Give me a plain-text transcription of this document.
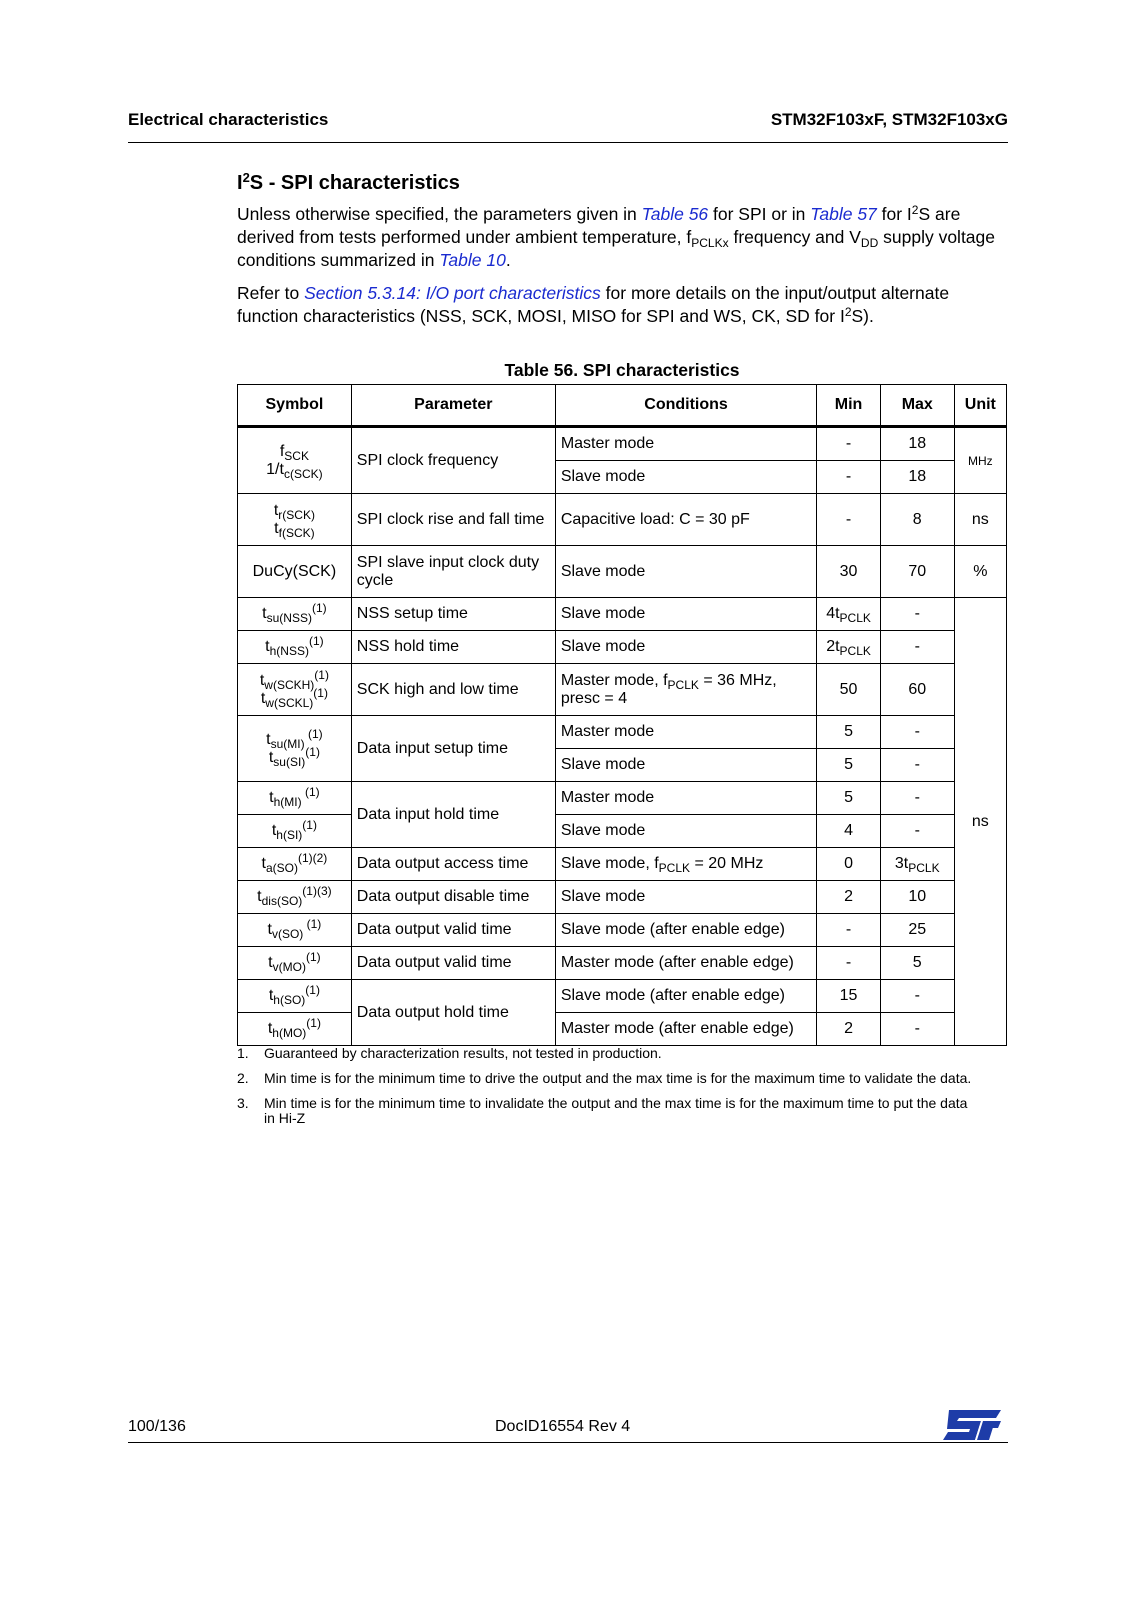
Electrical characteristics	STM32F103xF, STM32F103xG
$I^2S$ - SPI characteristics

Unless otherwise specified, the parameters given in Table 56 for SPI or in Table 57 for $I^2S$ are derived from tests performed under ambient temperature, $f_{PCLKx}$ frequency and $V_{DD}$ supply voltage conditions summarized in Table 10.

Refer to Section 5.3.14: I/O port characteristics for more details on the input/output alternate function characteristics (NSS, SCK, MOSI, MISO for SPI and WS, CK, SD for $I^2S$).

Table 56. SPI characteristics
Symbol	Parameter	Conditions	Min	Max	Unit
$f_{SCK}$
$1/t_{c(SCK)}$	SPI clock frequency	Master mode	-	18	MHz
		Slave mode	-	18	
$t_{r(SCK)}$
$t_{f(SCK)}$	SPI clock rise and fall time	Capacitive load: C = 30 pF	-	8	ns
DuCy(SCK)	SPI slave input clock duty cycle	Slave mode	30	70	%
$t_{su(NSS)}^{(1)}$	NSS setup time	Slave mode	$4t_{PCLK}$	-	ns
$t_{h(NSS)}^{(1)}$	NSS hold time	Slave mode	$2t_{PCLK}$	-	
$t_{w(SCKH)}^{(1)}$
$t_{w(SCKL)}^{(1)}$	SCK high and low time	Master mode, $f_{PCLK} = 36$ MHz,
presc = 4	50	60	
$t_{su(MI)}$ $^{(1)}$
$t_{su(SI)}^{(1)}$	Data input setup time	Master mode	5	-	
		Slave mode	5	-	
$t_{h(MI)}$ $^{(1)}$	Data input hold time	Master mode	5	-	
$t_{h(SI)}^{(1)}$		Slave mode	4	-	
$t_{a(SO)}^{(1)(2)}$	Data output access time	Slave mode, $f_{PCLK} = 20$ MHz	0	$3t_{PCLK}$
$t_{dis(SO)}^{(1)(3)}$	Data output disable time	Slave mode	2	10	
$t_{v(SO)}$ $^{(1)}$	Data output valid time	Slave mode (after enable edge)	-	25	
$t_{v(MO)}^{(1)}$	Data output valid time	Master mode (after enable edge)	-	5	
$t_{h(SO)}^{(1)}$	Data output hold time	Slave mode (after enable edge)	15	-	
$t_{h(MO)}^{(1)}$		Master mode (after enable edge)	2	-	
1. Guaranteed by characterization results, not tested in production.
2. Min time is for the minimum time to drive the output and the max time is for the maximum time to validate the data.
3. Min time is for the minimum time to invalidate the output and the max time is for the maximum time to put the data in Hi-Z
100/136	DocID16554 Rev 4
